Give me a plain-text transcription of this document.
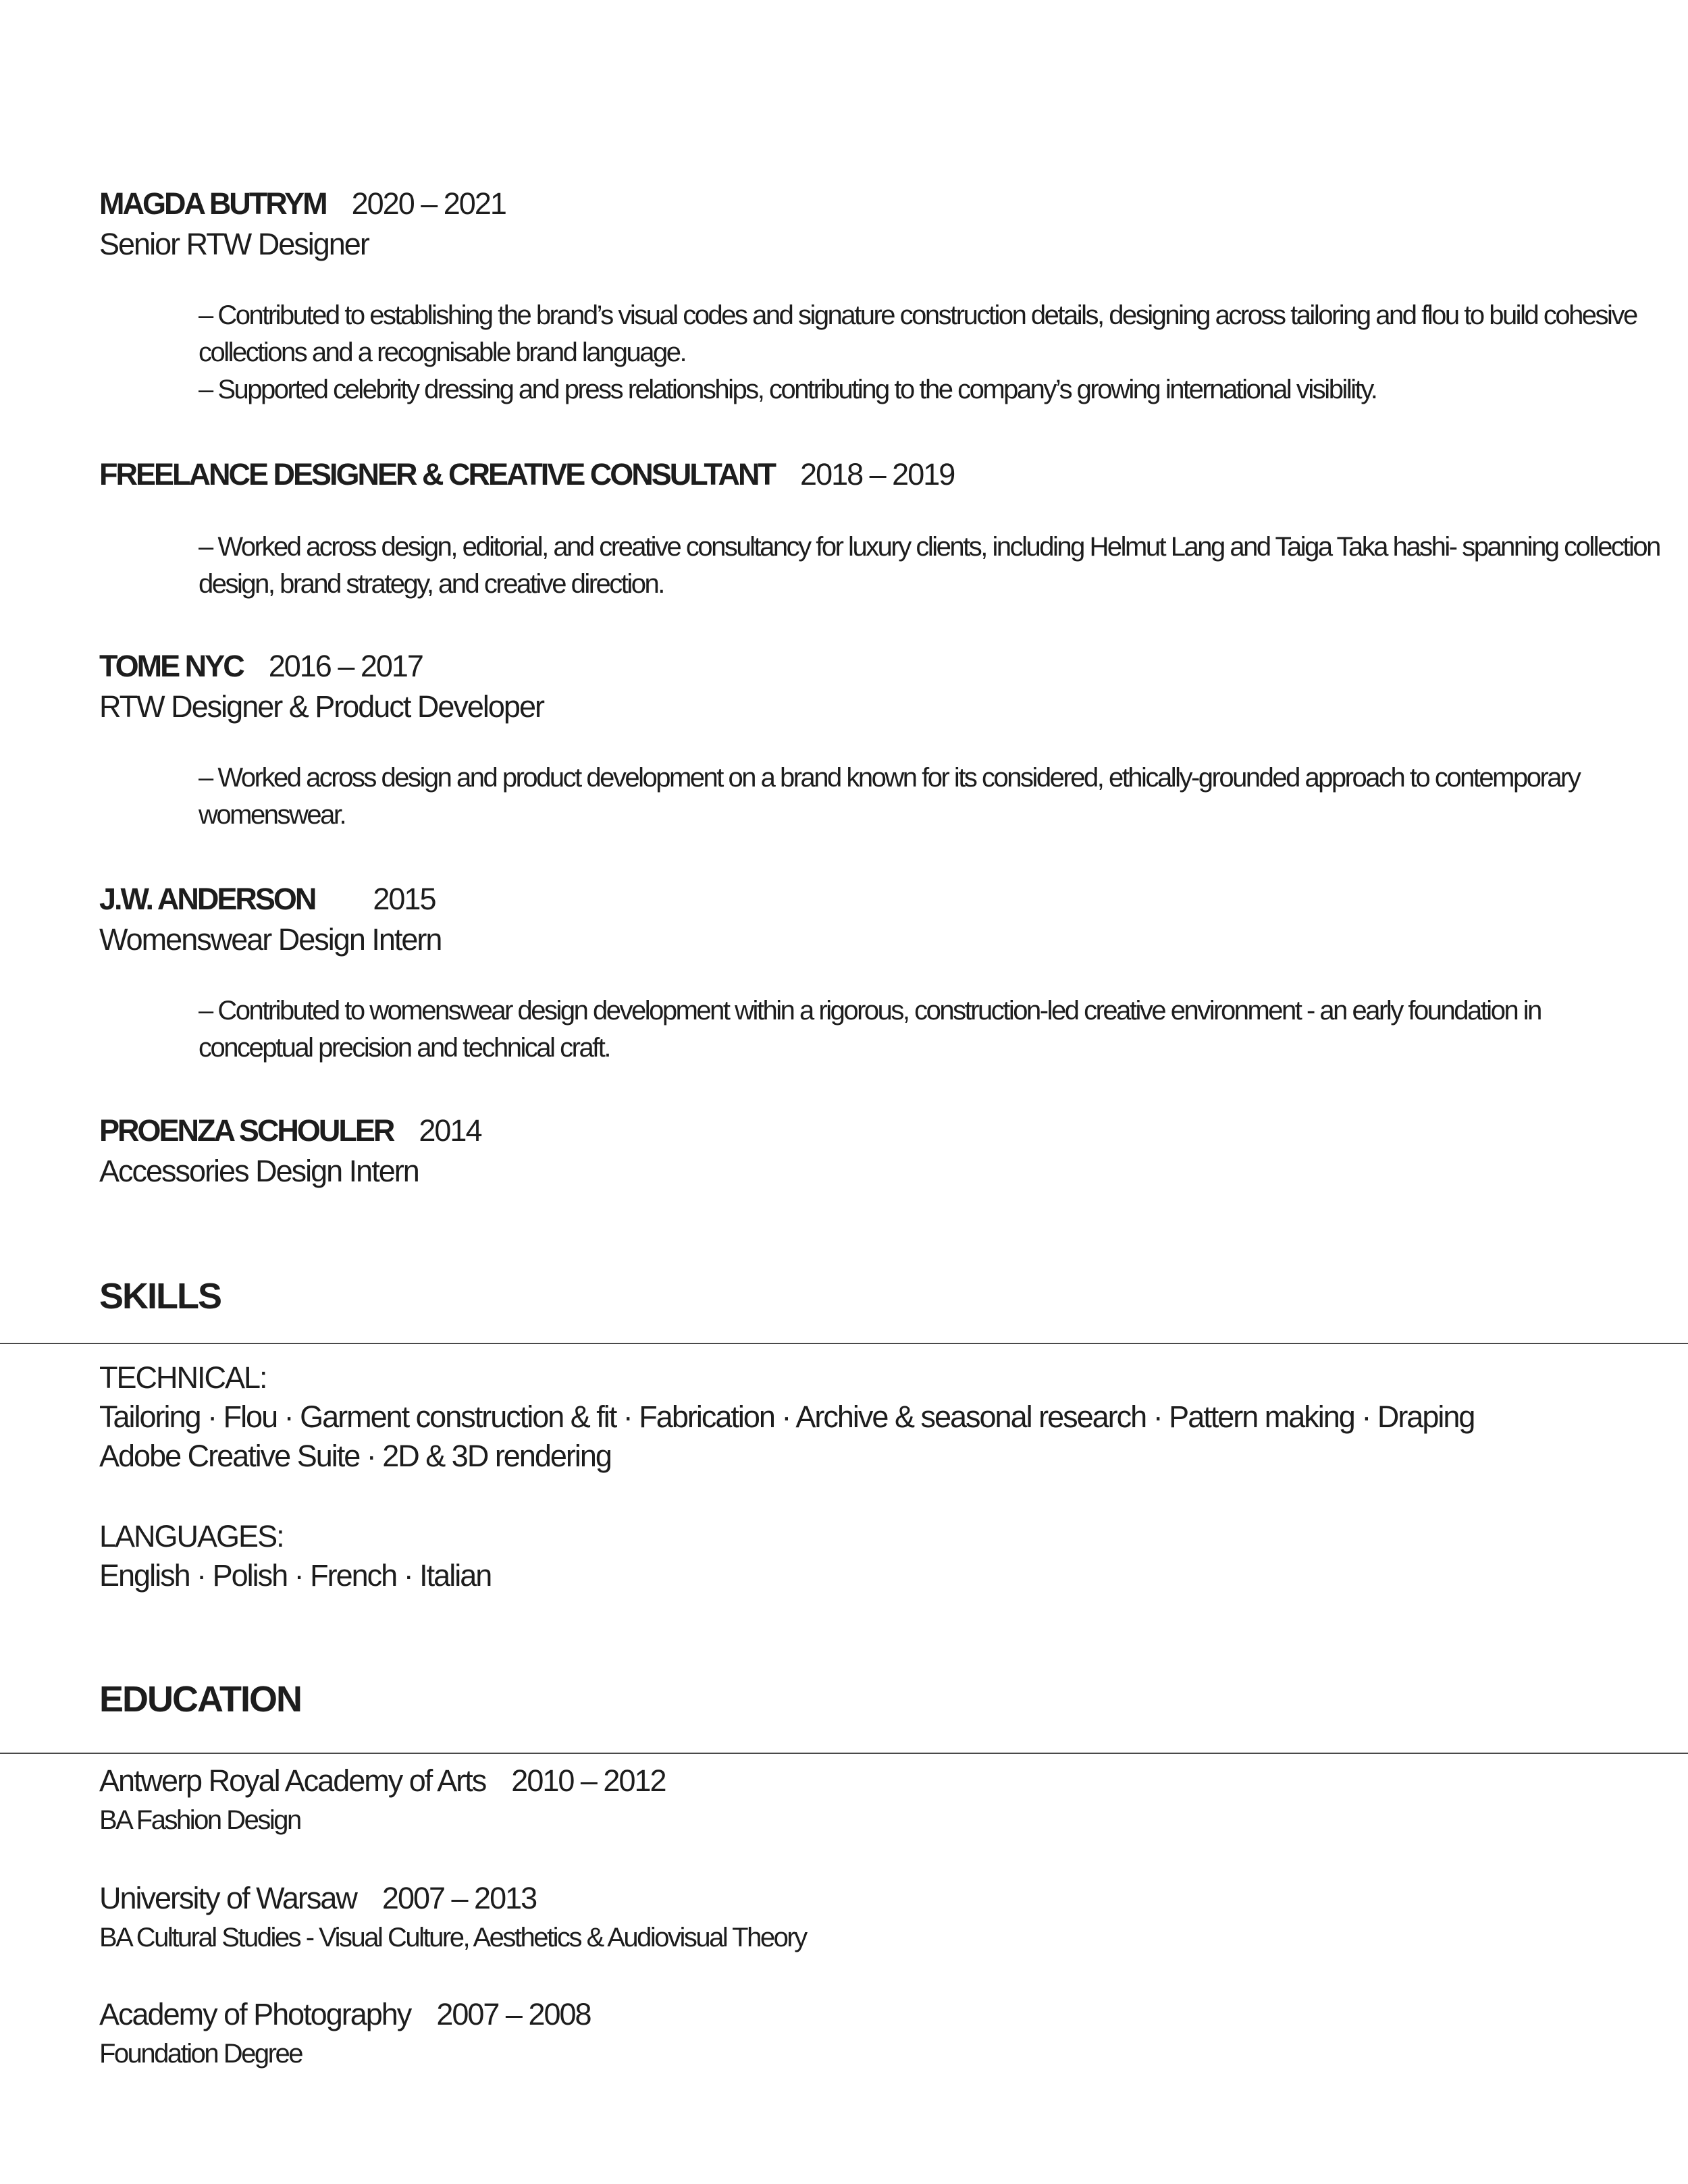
MAGDA BUTRYM 2020 – 2021
Senior RTW Designer
– Contributed to establishing the brand’s visual codes and signature construction details, designing across tailoring and flou to build cohesive collections and a recognisable brand language.
– Supported celebrity dressing and press relationships, contributing to the company’s growing international visibility.
FREELANCE DESIGNER & CREATIVE CONSULTANT 2018 – 2019
– Worked across design, editorial, and creative consultancy for luxury clients, including Helmut Lang and Taiga Taka hashi- spanning collection design, brand strategy, and creative direction.
TOME NYC 2016 – 2017
RTW Designer & Product Developer
– Worked across design and product development on a brand known for its considered, ethically-grounded approach to contemporary womenswear.
J.W. ANDERSON 2015
Womenswear Design Intern
– Contributed to womenswear design development within a rigorous, construction-led creative environment - an early foundation in conceptual precision and technical craft.
PROENZA SCHOULER 2014
Accessories Design Intern
SKILLS
TECHNICAL:
Tailoring · Flou · Garment construction & fit · Fabrication · Archive & seasonal research · Pattern making · Draping
Adobe Creative Suite · 2D & 3D rendering
LANGUAGES:
English · Polish · French · Italian
EDUCATION
Antwerp Royal Academy of Arts 2010 – 2012
BA Fashion Design
University of Warsaw 2007 – 2013
BA Cultural Studies - Visual Culture, Aesthetics & Audiovisual Theory
Academy of Photography 2007 – 2008
Foundation Degree
